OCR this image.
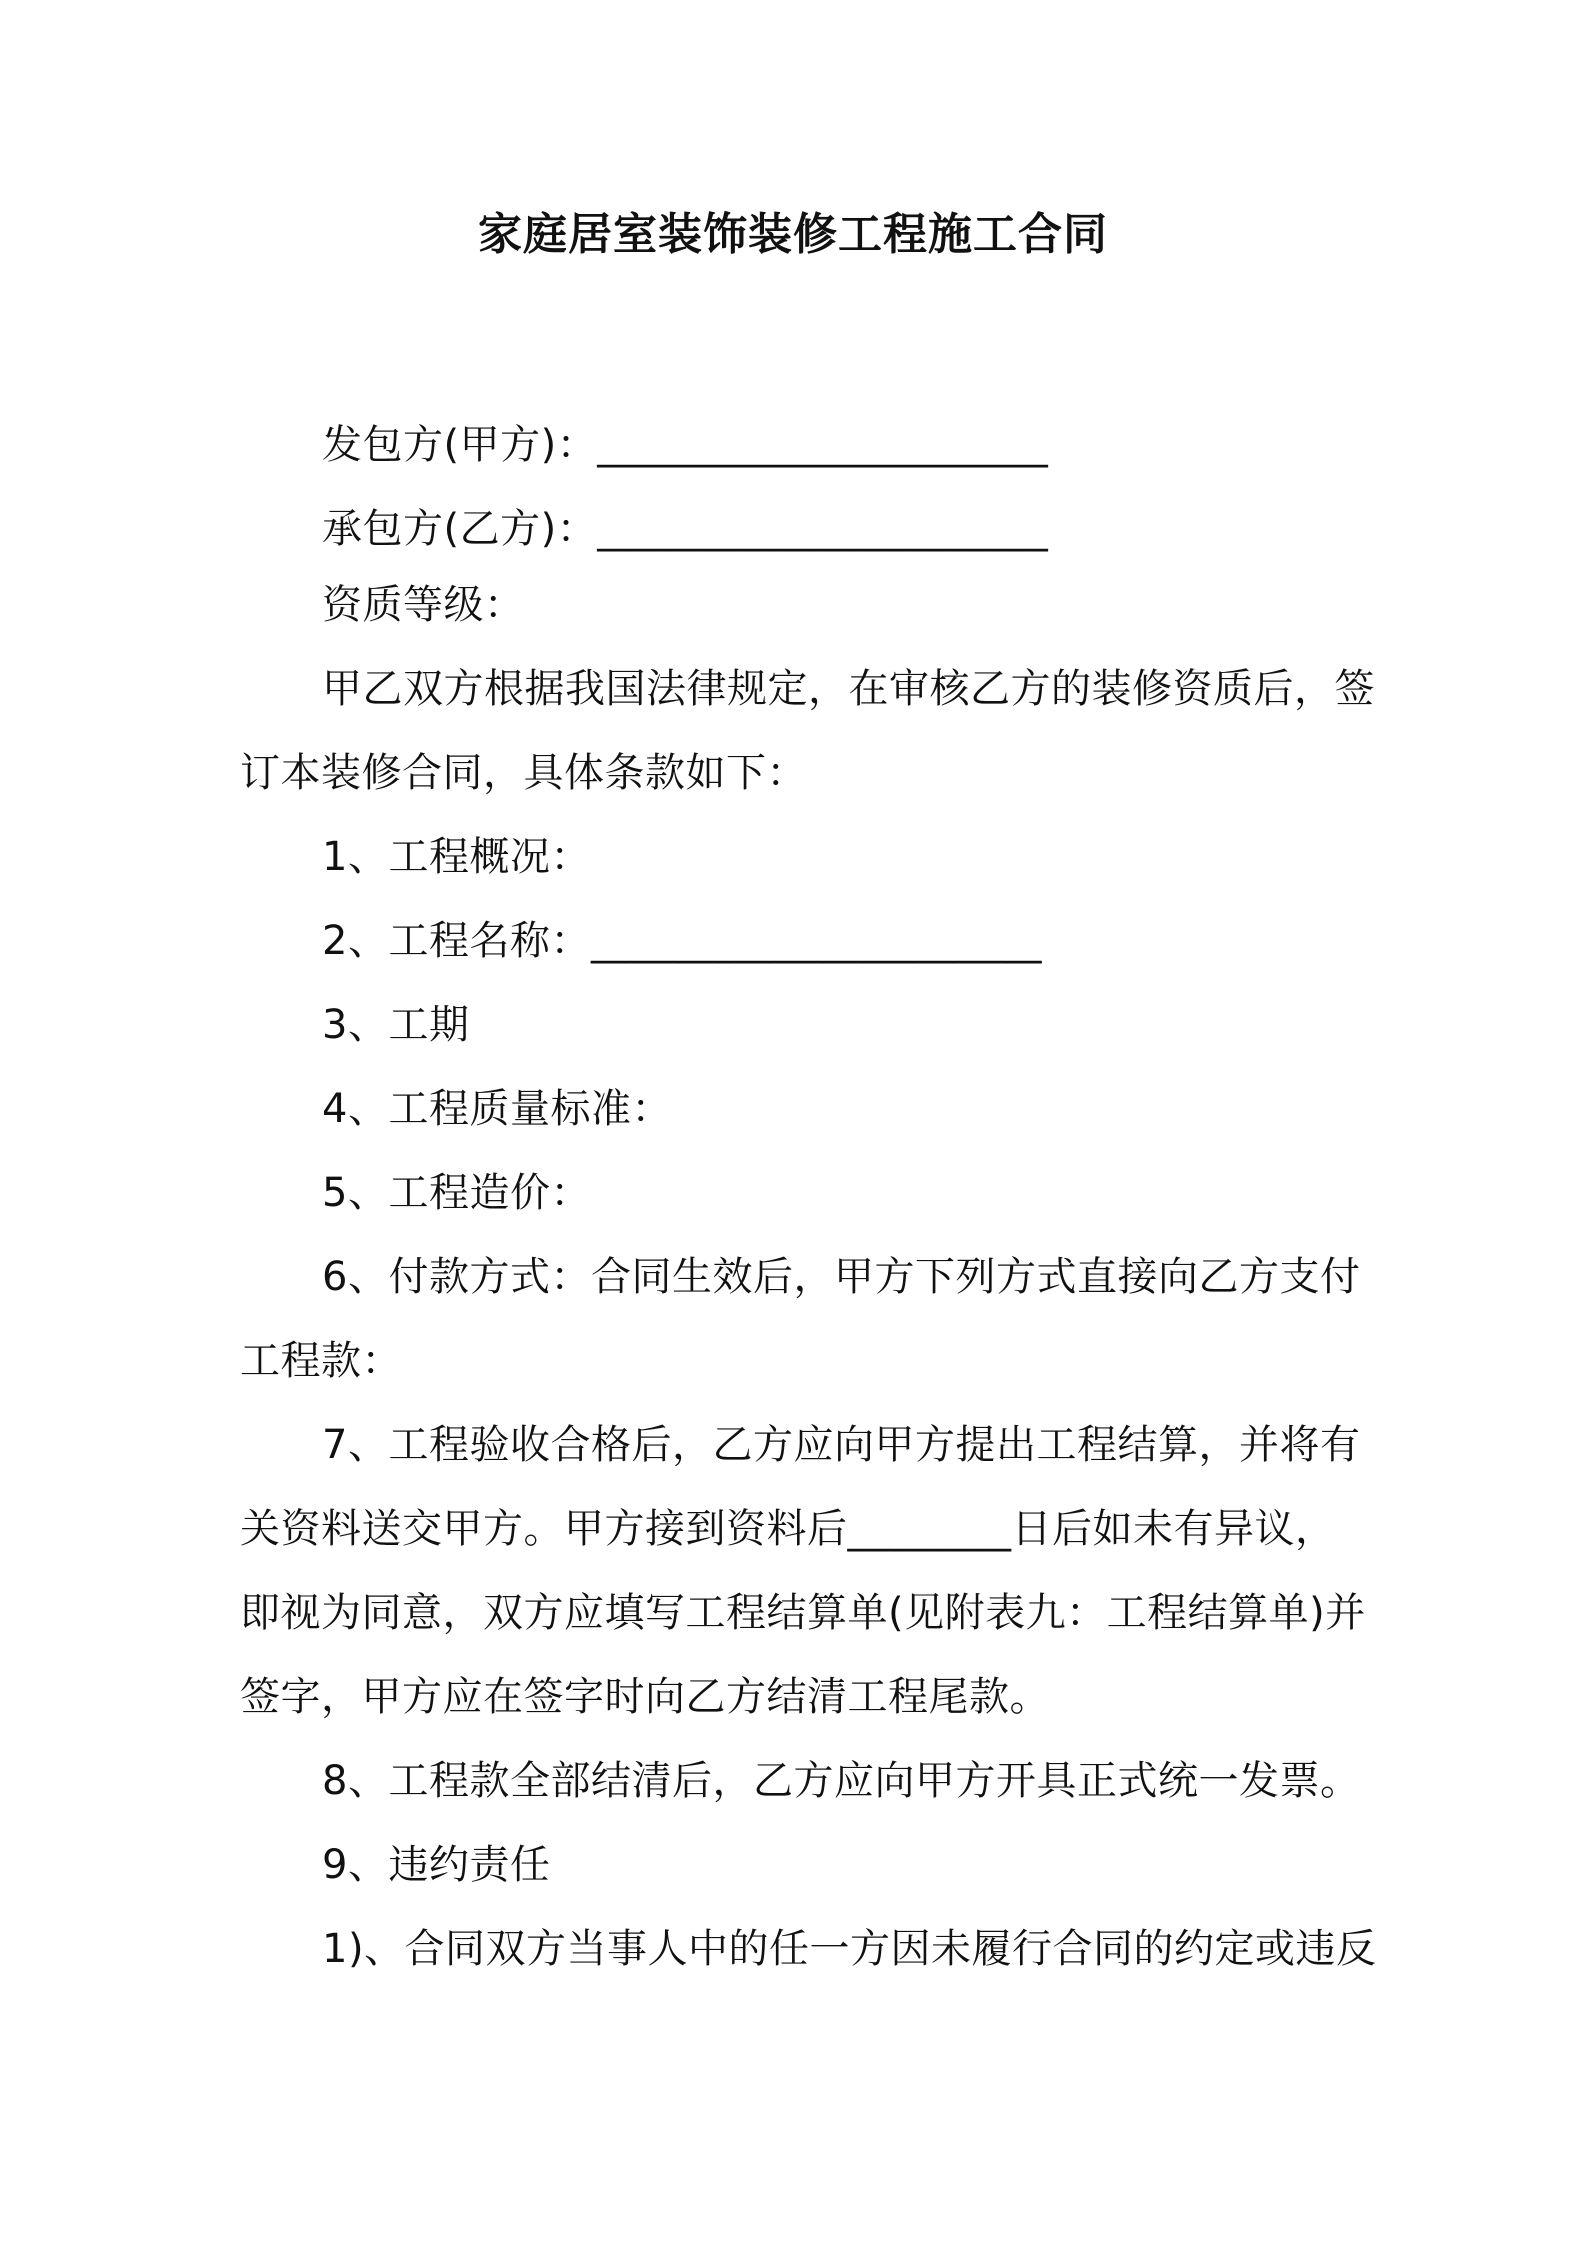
家庭居室装饰装修工程施工合同
发包方(甲方)：______________________
承包方(乙方)：______________________
资质等级：
甲乙双方根据我国法律规定，在审核乙方的装修资质后，签
订本装修合同，具体条款如下：
1、工程概况：
2、工程名称：______________________
3、工期
4、工程质量标准：
5、工程造价：
6、付款方式：合同生效后，甲方下列方式直接向乙方支付
工程款：
7、工程验收合格后，乙方应向甲方提出工程结算，并将有
关资料送交甲方。甲方接到资料后________日后如未有异议，
即视为同意，双方应填写工程结算单(见附表九：工程结算单)并
签字，甲方应在签字时向乙方结清工程尾款。
8、工程款全部结清后，乙方应向甲方开具正式统一发票。
9、违约责任
1)、合同双方当事人中的任一方因未履行合同的约定或违反
